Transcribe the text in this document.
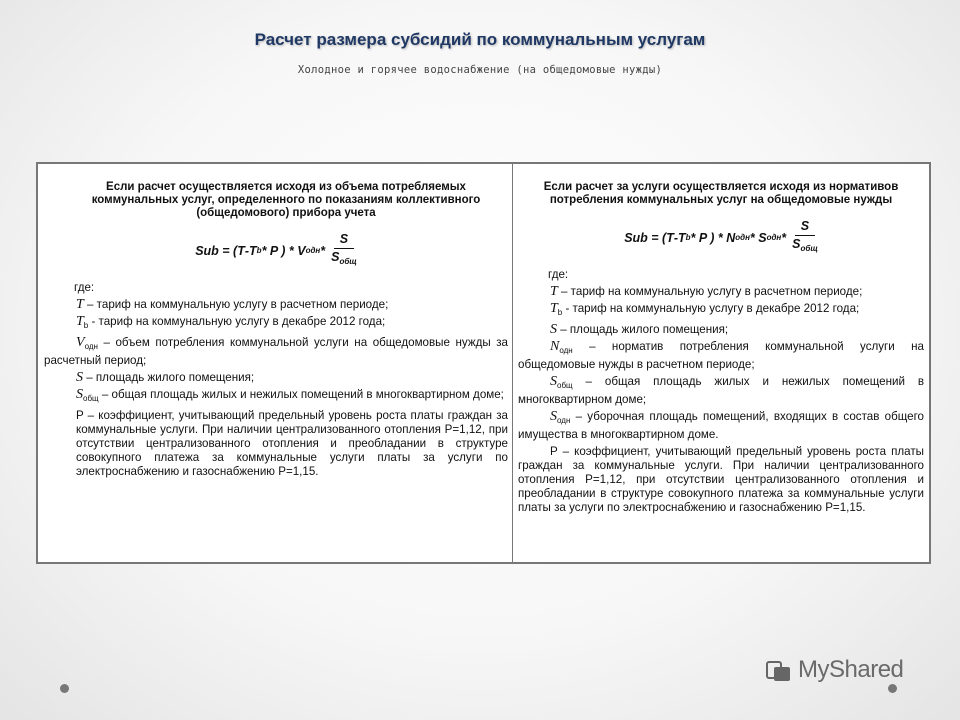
Расчет размера субсидий по коммунальным услугам
Холодное и горячее водоснабжение (на общедомовые нужды)
Если расчет осуществляется исходя из объема потребляемых коммунальных услуг, определенного по показаниям коллективного (общедомового) прибора учета
Sub = (T - T b * P ) * V одн * $\frac{S}{S_{общ}}$
где:
T – тариф на коммунальную услугу в расчетном периоде;
$T_b$ - тариф на коммунальную услугу в декабре 2012 года;
$V_{одн}$ – объем потребления коммунальной услуги на общедомовые нужды за расчетный период;
S – площадь жилого помещения;
$S_{общ}$ – общая площадь жилых и нежилых помещений в многоквартирном доме;
P – коэффициент, учитывающий предельный уровень роста платы граждан за коммунальные услуги. При наличии централизованного отопления P=1,12, при отсутствии централизованного отопления и преобладании в структуре совокупного платежа за коммунальные услуги платы за услуги по электроснабжению и газоснабжению P=1,15.
Если расчет за услуги осуществляется исходя из нормативов потребления коммунальных услуг на общедомовые нужды
Sub = (T - T b * P ) * N одн * S одн * $\frac{S}{S_{общ}}$
где:
T – тариф на коммунальную услугу в расчетном периоде;
$T_b$ - тариф на коммунальную услугу в декабре 2012 года;
S – площадь жилого помещения;
$N_{одн}$ – норматив потребления коммунальной услуги на общедомовые нужды в расчетном периоде;
$S_{общ}$ – общая площадь жилых и нежилых помещений в многоквартирном доме;
$S_{одн}$ – уборочная площадь помещений, входящих в состав общего имущества в многоквартирном доме.
P – коэффициент, учитывающий предельный уровень роста платы граждан за коммунальные услуги. При наличии централизованного отопления P=1,12, при отсутствии централизованного отопления и преобладании в структуре совокупного платежа за коммунальные услуги платы за услуги по электроснабжению и газоснабжению P=1,15.
MyShared
